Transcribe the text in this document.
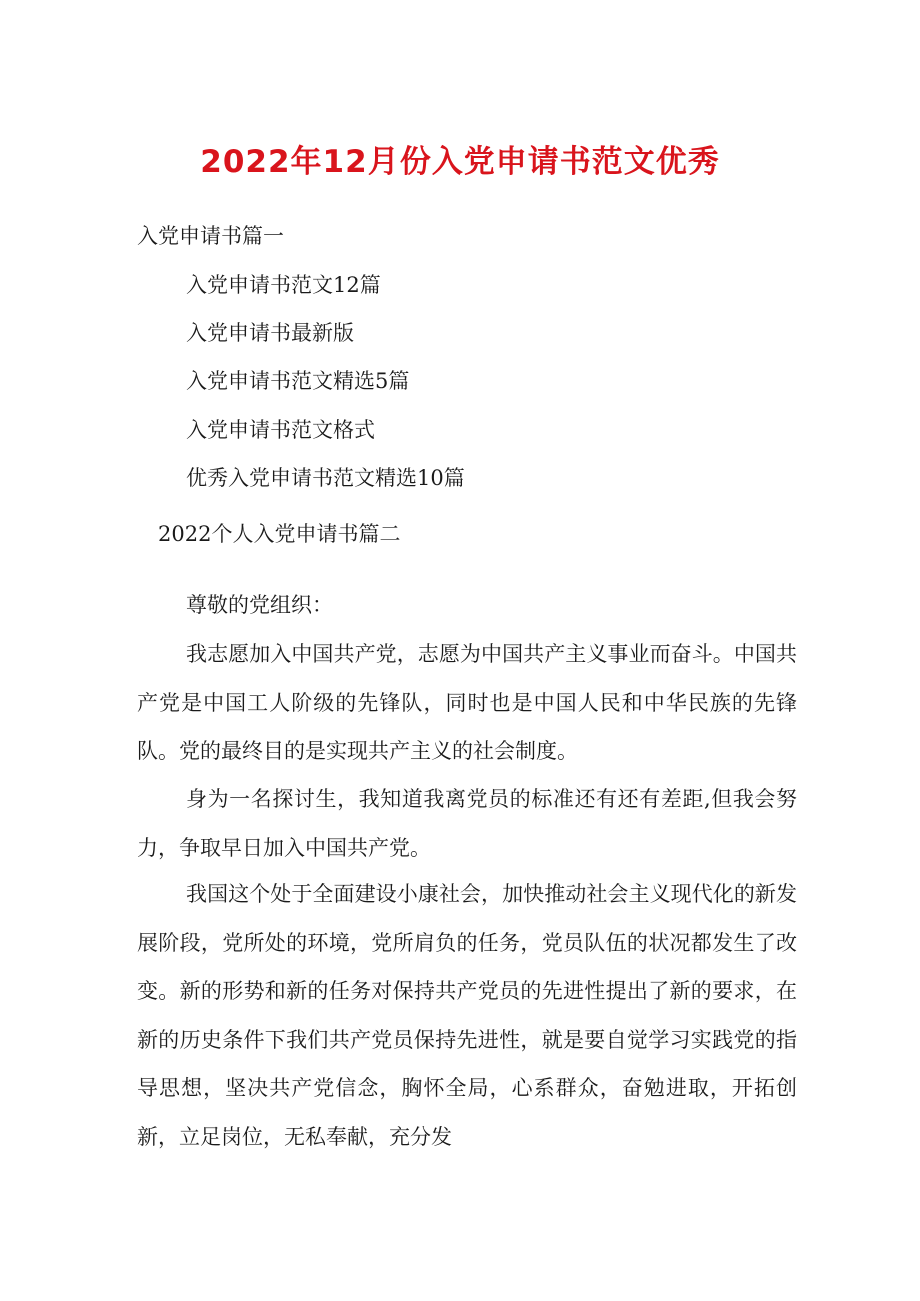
2022年12月份入党申请书范文优秀

入党申请书篇一

入党申请书范文12篇

入党申请书最新版

入党申请书范文精选5篇

入党申请书范文格式

优秀入党申请书范文精选10篇

2022个人入党申请书篇二

尊敬的党组织：

我志愿加入中国共产党，志愿为中国共产主义事业而奋斗。中国共产党是中国工人阶级的先锋队，同时也是中国人民和中华民族的先锋队。党的最终目的是实现共产主义的社会制度。

身为一名探讨生，我知道我离党员的标准还有还有差距,但我会努力，争取早日加入中国共产党。

我国这个处于全面建设小康社会，加快推动社会主义现代化的新发展阶段，党所处的环境，党所肩负的任务，党员队伍的状况都发生了改变。新的形势和新的任务对保持共产党员的先进性提出了新的要求，在新的历史条件下我们共产党员保持先进性，就是要自觉学习实践党的指导思想，坚决共产党信念，胸怀全局，心系群众，奋勉进取，开拓创新，立足岗位，无私奉献，充分发
